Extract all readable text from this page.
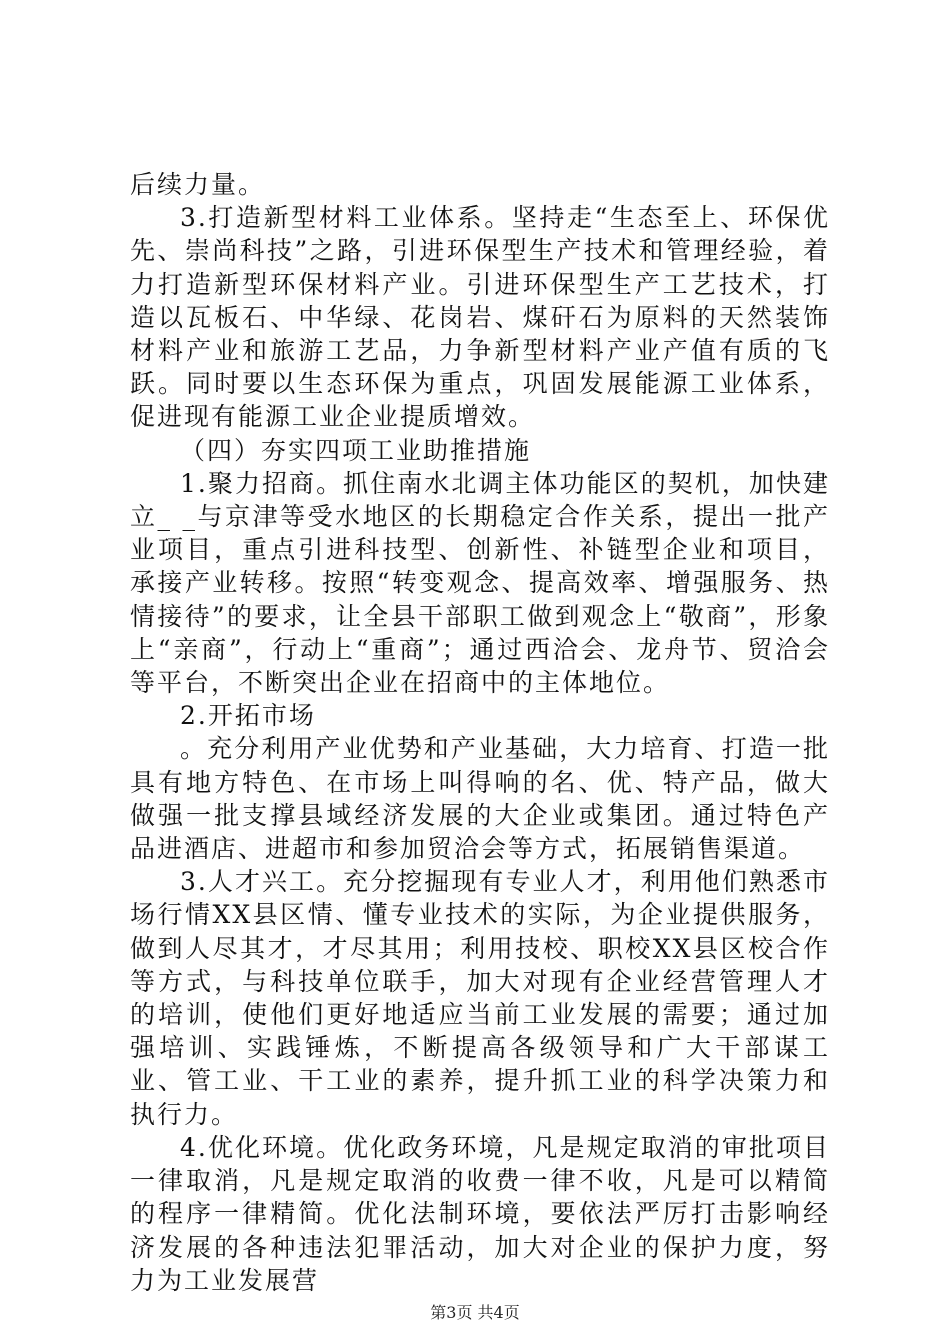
后续力量。

3.打造新型材料工业体系。坚持走“生态至上、环保优先、崇尚科技”之路，引进环保型生产技术和管理经验，着力打造新型环保材料产业。引进环保型生产工艺技术，打造以瓦板石、中华绿、花岗岩、煤矸石为原料的天然装饰材料产业和旅游工艺品，力争新型材料产业产值有质的飞跃。同时要以生态环保为重点，巩固发展能源工业体系，促进现有能源工业企业提质增效。

（四）夯实四项工业助推措施

1.聚力招商。抓住南水北调主体功能区的契机，加快建立_ _与京津等受水地区的长期稳定合作关系，提出一批产业项目，重点引进科技型、创新性、补链型企业和项目，承接产业转移。按照“转变观念、提高效率、增强服务、热情接待”的要求，让全县干部职工做到观念上“敬商”，形象上“亲商”，行动上“重商”；通过西洽会、龙舟节、贸洽会等平台，不断突出企业在招商中的主体地位。

2.开拓市场

。充分利用产业优势和产业基础，大力培育、打造一批具有地方特色、在市场上叫得响的名、优、特产品，做大做强一批支撑县域经济发展的大企业或集团。通过特色产品进酒店、进超市和参加贸洽会等方式，拓展销售渠道。

3.人才兴工。充分挖掘现有专业人才，利用他们熟悉市场行情XX县区情、懂专业技术的实际，为企业提供服务，做到人尽其才，才尽其用；利用技校、职校XX县区校合作等方式，与科技单位联手，加大对现有企业经营管理人才的培训，使他们更好地适应当前工业发展的需要；通过加强培训、实践锤炼，不断提高各级领导和广大干部谋工业、管工业、干工业的素养，提升抓工业的科学决策力和执行力。

4.优化环境。优化政务环境，凡是规定取消的审批项目一律取消，凡是规定取消的收费一律不收，凡是可以精简的程序一律精简。优化法制环境，要依法严厉打击影响经济发展的各种违法犯罪活动，加大对企业的保护力度，努力为工业发展营

第3页 共4页
